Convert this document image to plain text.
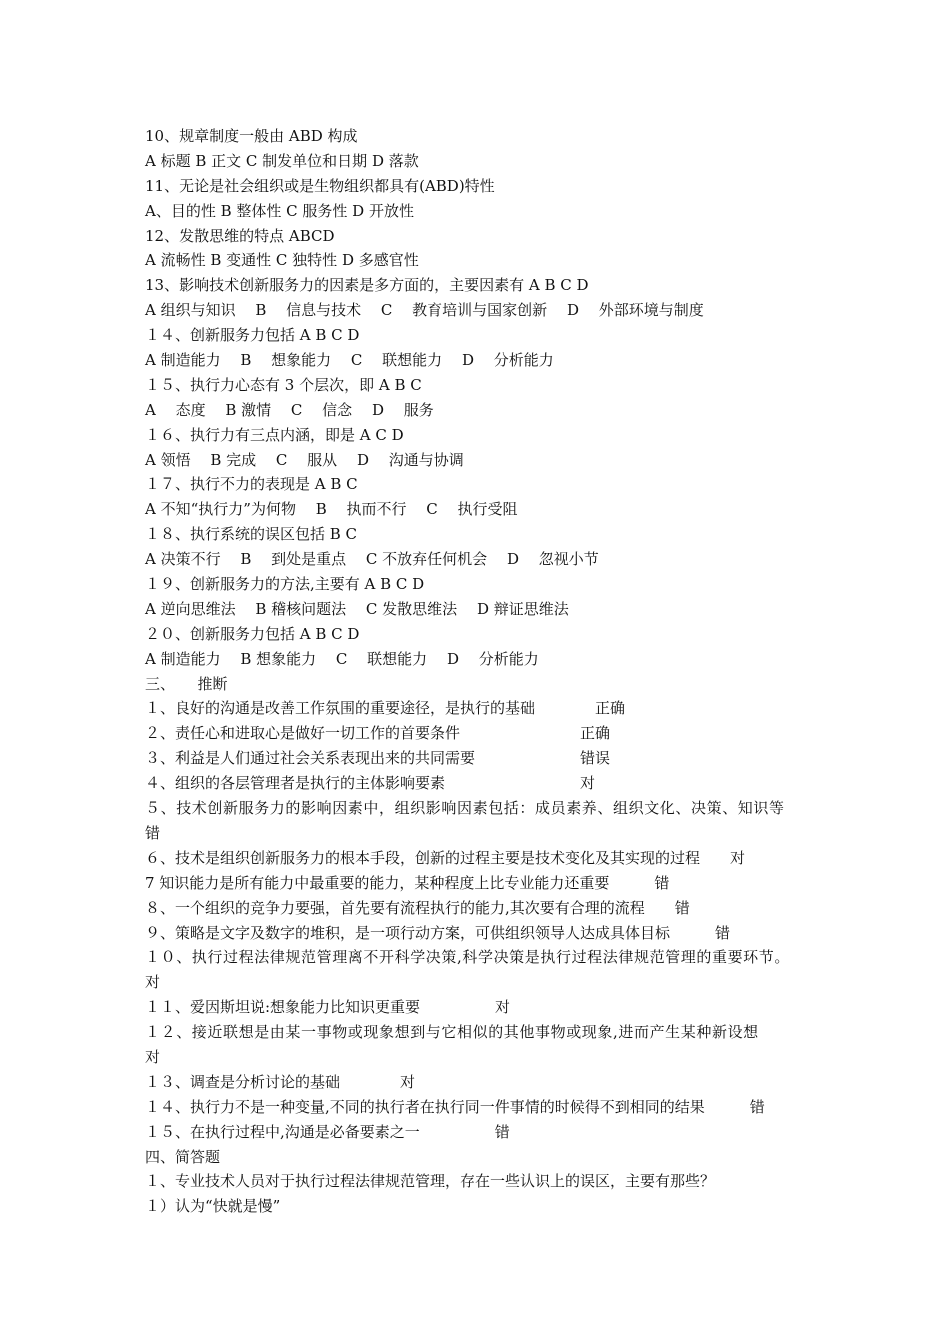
10、规章制度一般由 ABD 构成
A 标题 B 正文 C 制发单位和日期 D 落款
11、无论是社会组织或是生物组织都具有(ABD)特性
A、目的性 B 整体性 C 服务性 D 开放性
12、发散思维的特点 ABCD
A 流畅性 B 变通性 C 独特性 D 多感官性
13、影响技术创新服务力的因素是多方面的，主要因素有 A B C D
A 组织与知识　 B　 信息与技术　 C　 教育培训与国家创新　 D　 外部环境与制度
１４、创新服务力包括 A B C D
A 制造能力　 B　 想象能力　 C　 联想能力　 D　 分析能力
１５、执行力心态有 3 个层次，即 A B C
A　 态度　 B 激情　 C　 信念　 D　 服务
１６、执行力有三点内涵，即是 A C D
A 领悟　 B 完成　 C　 服从　 D　 沟通与协调
１７、执行不力的表现是 A B C
A 不知“执行力”为何物　 B　 执而不行　 C　 执行受阻
１８、执行系统的误区包括 B C
A 决策不行　 B　 到处是重点　 C 不放弃任何机会　 D　 忽视小节
１９、创新服务力的方法,主要有 A B C D
A 逆向思维法　 B 稽核问题法　 C 发散思维法　 D 辩证思维法
２０、创新服务力包括 A B C D
A 制造能力　 B 想象能力　 C　 联想能力　 D　 分析能力
三、　　推断
１、良好的沟通是改善工作氛围的重要途径，是执行的基础　　　　正确
２、责任心和进取心是做好一切工作的首要条件　　　　　　　　正确
３、利益是人们通过社会关系表现出来的共同需要　　　　　　　错误
４、组织的各层管理者是执行的主体影响要素　　　　　　　　　对
５、技术创新服务力的影响因素中，组织影响因素包括：成员素养、组织文化、决策、知识等
错
６、技术是组织创新服务力的根本手段，创新的过程主要是技术变化及其实现的过程　　对
7 知识能力是所有能力中最重要的能力，某种程度上比专业能力还重要　　　错
８、一个组织的竞争力要强，首先要有流程执行的能力,其次要有合理的流程　　错
９、策略是文字及数字的堆积，是一项行动方案，可供组织领导人达成具体目标　　　错
１０、执行过程法律规范管理离不开科学决策,科学决策是执行过程法律规范管理的重要环节。
对
１１、爱因斯坦说:想象能力比知识更重要　　　　　对
１２、接近联想是由某一事物或现象想到与它相似的其他事物或现象,进而产生某种新设想
对
１３、调查是分析讨论的基础　　　　对
１４、执行力不是一种变量,不同的执行者在执行同一件事情的时候得不到相同的结果　　　错
１５、在执行过程中,沟通是必备要素之一　　　　　错
四、简答题
１、专业技术人员对于执行过程法律规范管理，存在一些认识上的误区，主要有那些？
１）认为“快就是慢”
